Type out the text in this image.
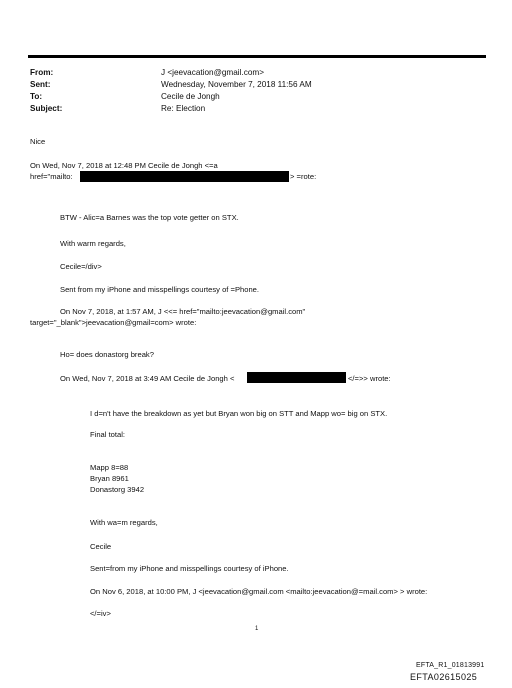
From:	J <jeevacation@gmail.com>
Sent:	Wednesday, November 7, 2018 11:56 AM
To:	Cecile de Jongh
Subject:	Re: Election
Nice
On Wed, Nov 7, 2018 at 12:48 PM Cecile de Jongh <=a
href="mailto:	> =rote:
BTW - Alic=a Barnes was the top vote getter on STX.
With warm regards,
Cecile=/div>
Sent from my iPhone and misspellings courtesy of =Phone.
On Nov 7, 2018, at 1:57 AM, J <<= href="mailto:jeevacation@gmail.com"
target="_blank">jeevacation@gmail=com> wrote:
Ho= does donastorg break?
On Wed, Nov 7, 2018 at 3:49 AM Cecile de Jongh <	</=>> wrote:
I d=n't have the breakdown as yet but Bryan won big on STT and Mapp wo= big on STX.
Final total:
Mapp 8=88
Bryan 8961
Donastorg 3942
With wa=m regards,
Cecile
Sent=from my iPhone and misspellings courtesy of iPhone.
On Nov 6, 2018, at 10:00 PM, J <jeevacation@gmail.com <mailto:jeevacation@=mail.com> > wrote:
</=iv>
1
EFTA_R1_01813991
EFTA02615025
